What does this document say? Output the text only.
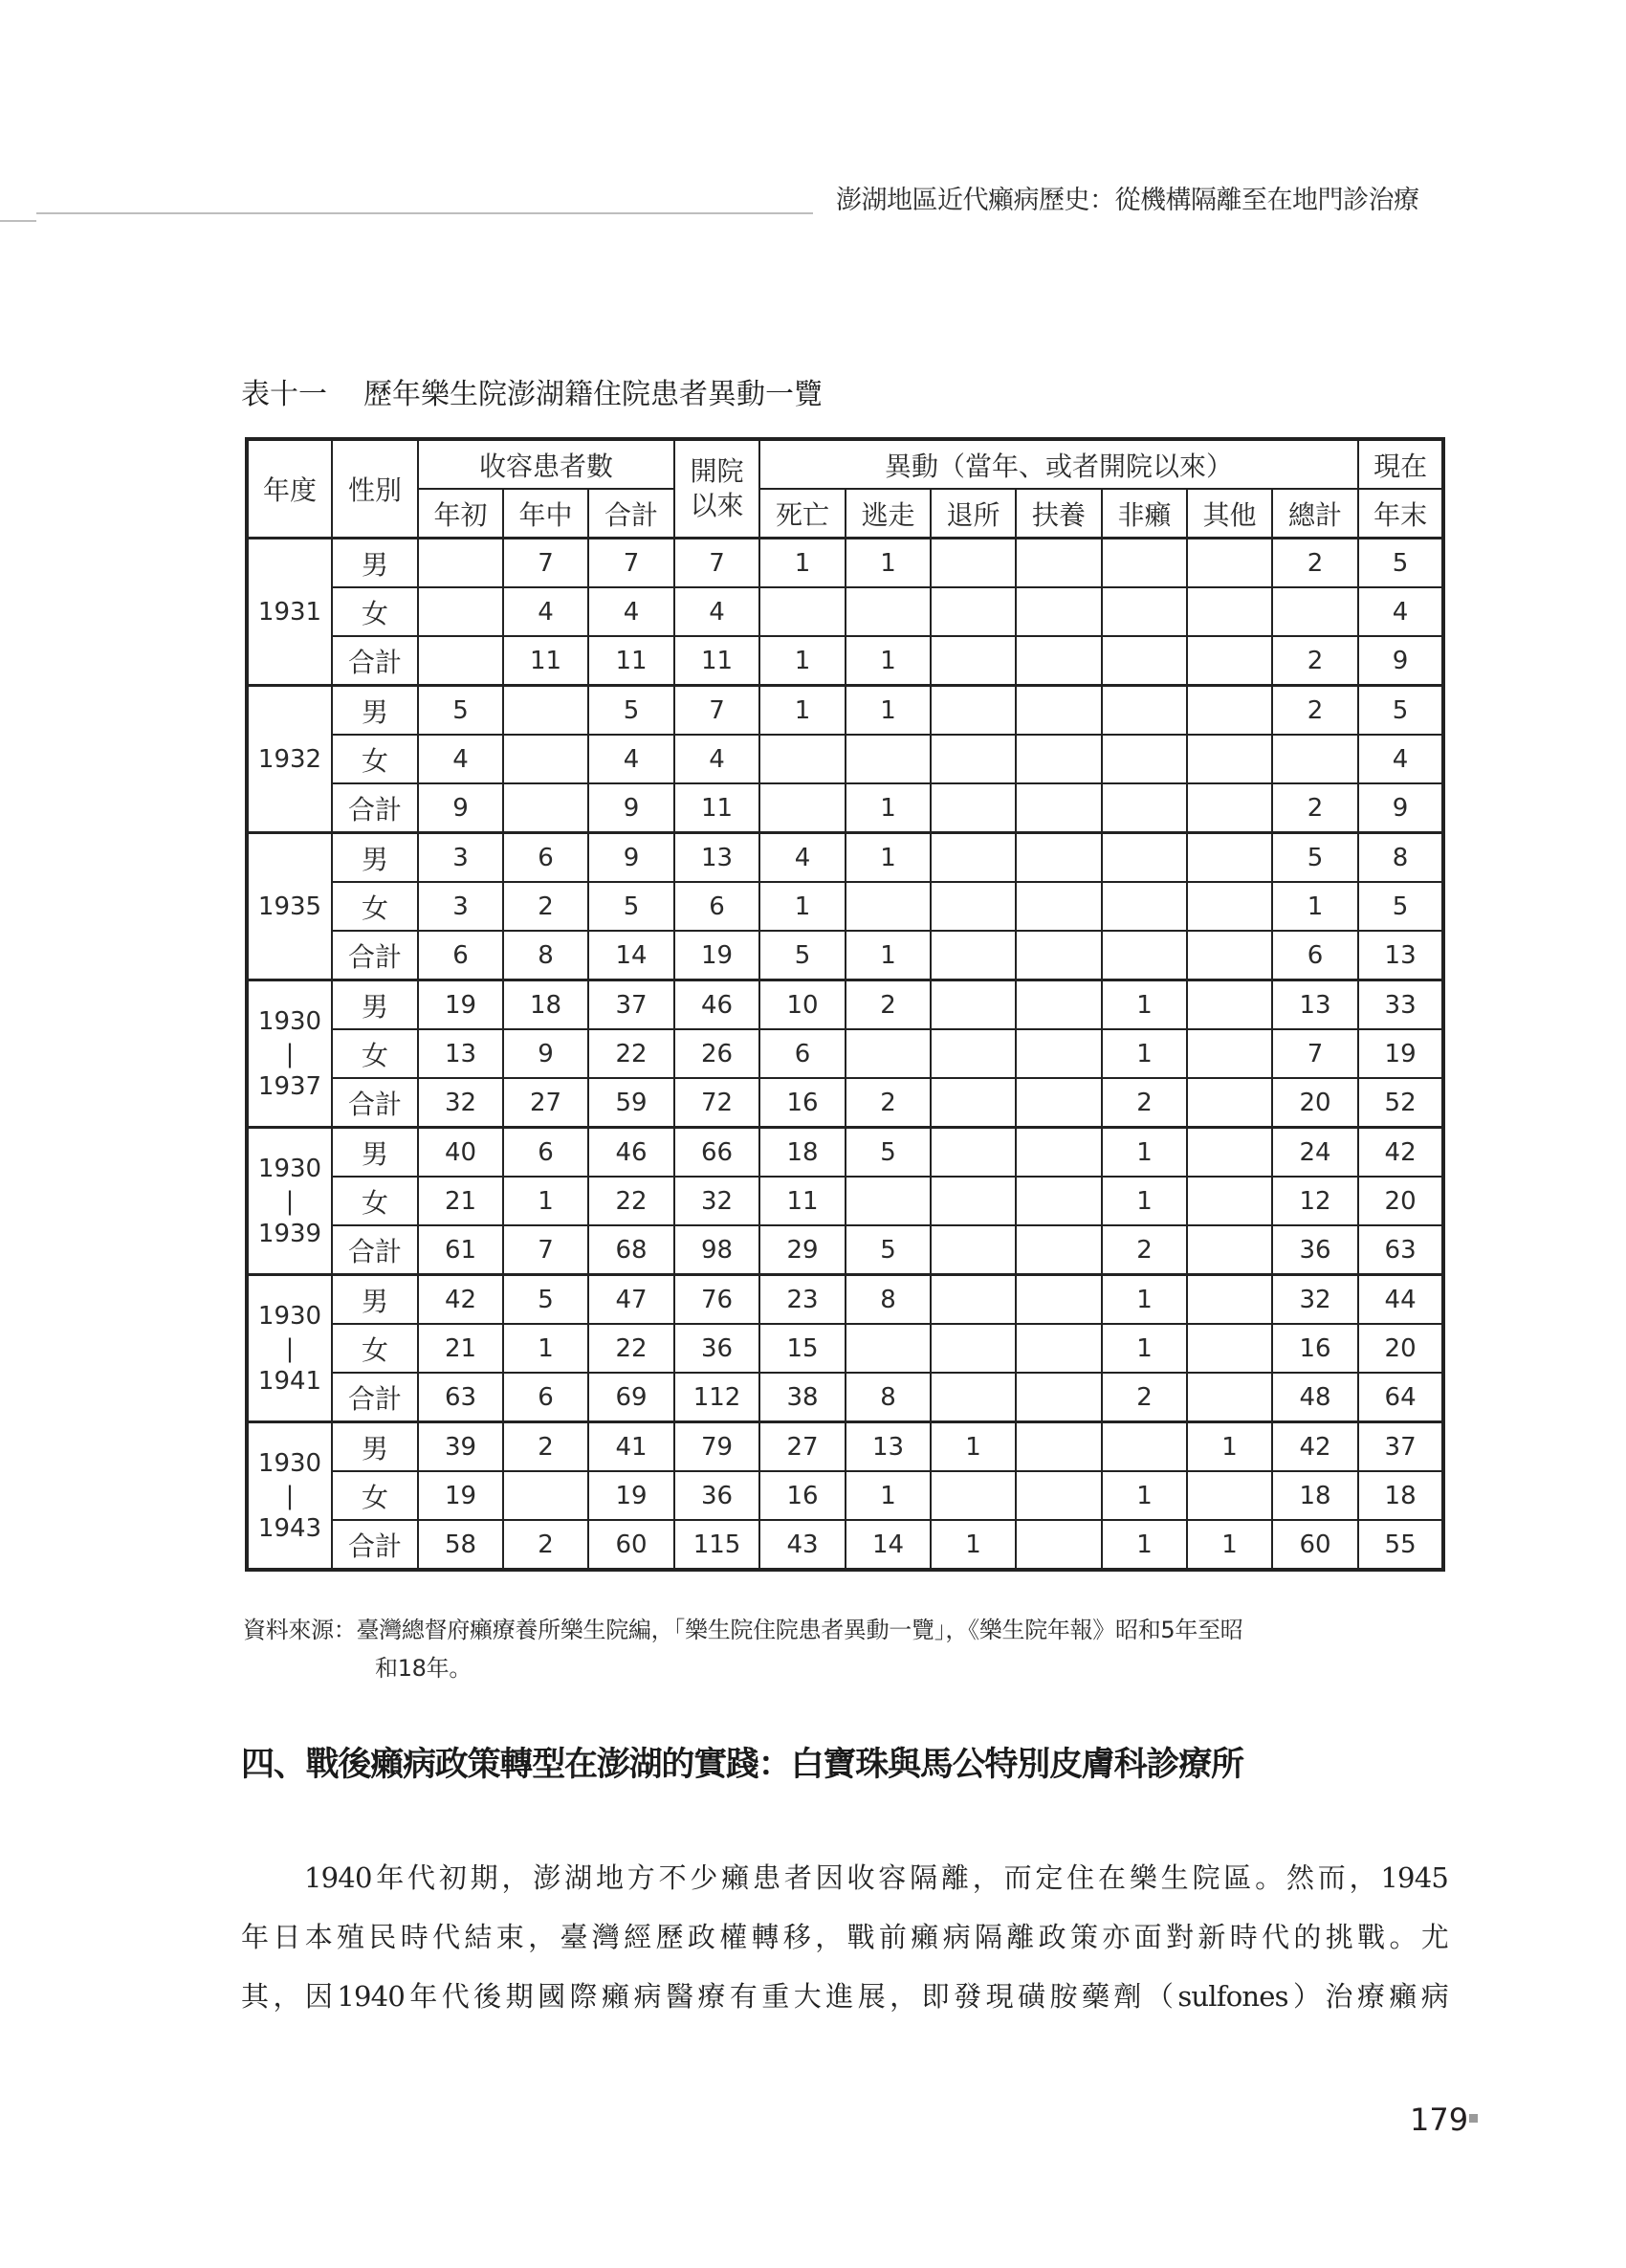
澎湖地區近代癩病歷史：從機構隔離至在地門診治療
表十一 歷年樂生院澎湖籍住院患者異動一覽
年度	性別	收容患者數			開院
以來	異動（當年、或者開院以來）							現在
		年初	年中	合計		死亡	逃走	退所	扶養	非癩	其他	總計	年末

1931	男		7	7	7	1	1					2	5
	女		4	4	4								4
	合計		11	11	11	1	1					2	9

1932	男	5		5	7	1	1					2	5
	女	4		4	4								4
	合計	9		9	11		1					2	9

1935	男	3	6	9	13	4	1					5	8
	女	3	2	5	6	1						1	5
	合計	6	8	14	19	5	1					6	13

1930
|
1937	男	19	18	37	46	10	2			1		13	33
	女	13	9	22	26	6				1		7	19
	合計	32	27	59	72	16	2			2		20	52

1930
|
1939	男	40	6	46	66	18	5			1		24	42
	女	21	1	22	32	11				1		12	20
	合計	61	7	68	98	29	5			2		36	63

1930
|
1941	男	42	5	47	76	23	8			1		32	44
	女	21	1	22	36	15				1		16	20
	合計	63	6	69	112	38	8			2		48	64

1930
|
1943	男	39	2	41	79	27	13	1			1	42	37
	女	19		19	36	16	1			1		18	18
	合計	58	2	60	115	43	14	1		1	1	60	55
資料來源：臺灣總督府癩療養所樂生院編，「樂生院住院患者異動一覽」，《樂生院年報》昭和5年至昭
和18年。
四、戰後癩病政策轉型在澎湖的實踐：白寶珠與馬公特別皮膚科診療所
1940年代初期，澎湖地方不少癩患者因收容隔離，而定住在樂生院區。然而，1945
年日本殖民時代結束，臺灣經歷政權轉移，戰前癩病隔離政策亦面對新時代的挑戰。尤
其，因1940年代後期國際癩病醫療有重大進展，即發現磺胺藥劑（sulfones）治療癩病
179
